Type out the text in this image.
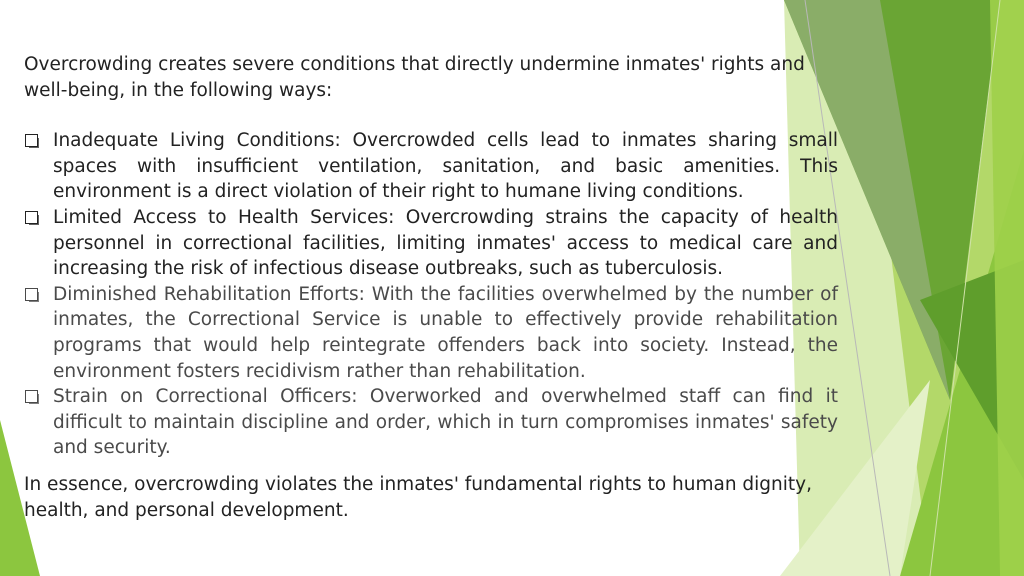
Overcrowding creates severe conditions that directly undermine inmates' rights and well-being, in the following ways:

Inadequate Living Conditions: Overcrowded cells lead to inmates sharing small spaces with insufficient ventilation, sanitation, and basic amenities. This environment is a direct violation of their right to humane living conditions.
Limited Access to Health Services: Overcrowding strains the capacity of health personnel in correctional facilities, limiting inmates' access to medical care and increasing the risk of infectious disease outbreaks, such as tuberculosis.
Diminished Rehabilitation Efforts: With the facilities overwhelmed by the number of inmates, the Correctional Service is unable to effectively provide rehabilitation programs that would help reintegrate offenders back into society. Instead, the environment fosters recidivism rather than rehabilitation.
Strain on Correctional Officers: Overworked and overwhelmed staff can find it difficult to maintain discipline and order, which in turn compromises inmates' safety and security.

In essence, overcrowding violates the inmates' fundamental rights to human dignity, health, and personal development.
